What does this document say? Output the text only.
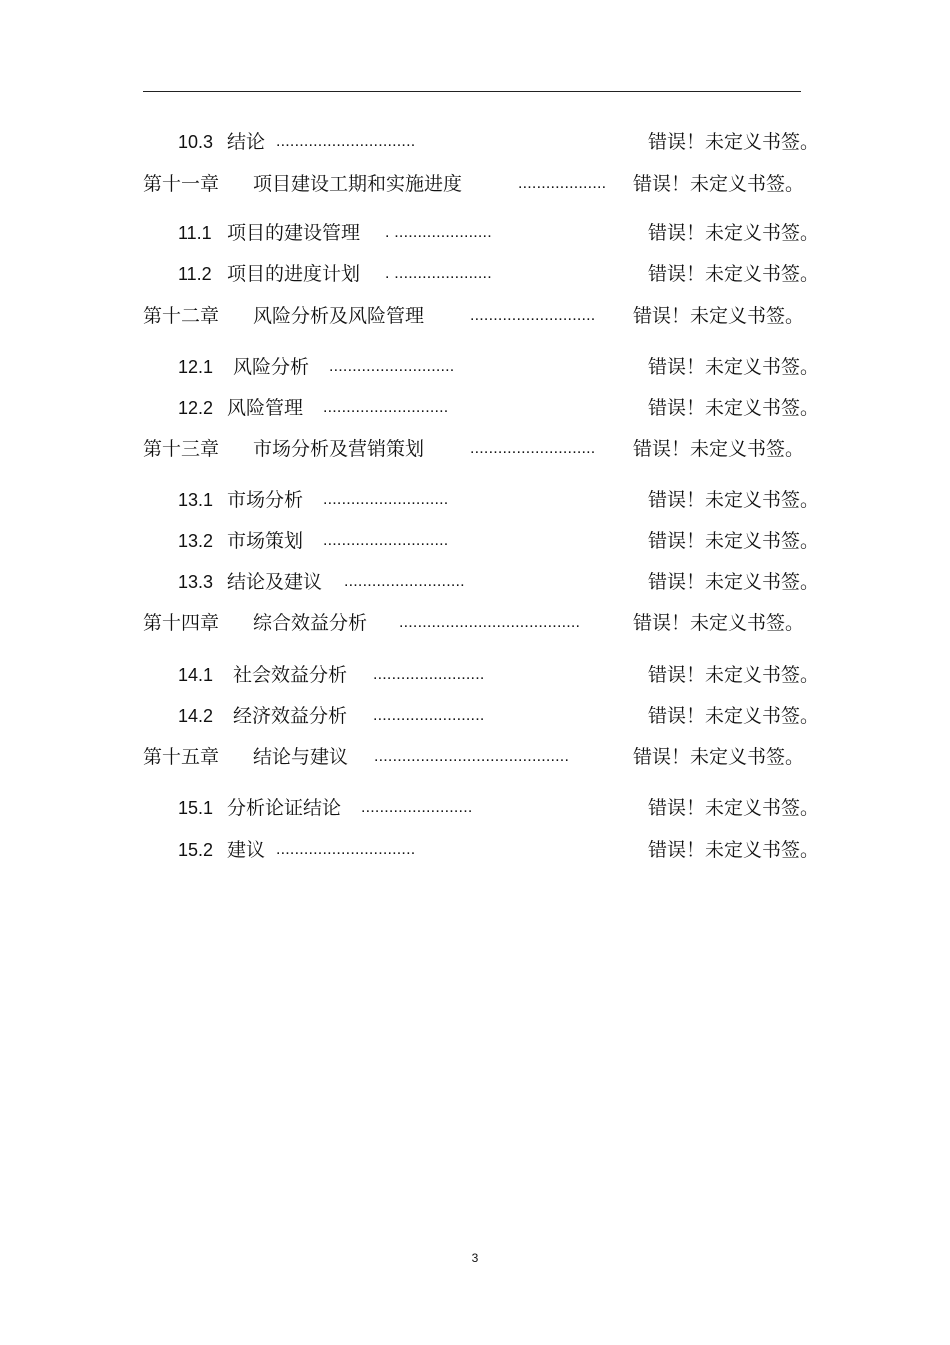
10.3 结论 ..............................	错误！未定义书签。
第十一章 项目建设工期和实施进度	................... 错误！未定义书签。
11.1 项目的建设管理 . .....................	错误！未定义书签。
11.2 项目的进度计划 . .....................	错误！未定义书签。
第十二章 风险分析及风险管理	........................... 错误！未定义书签。
12.1 风险分析 ...........................	错误！未定义书签。
12.2 风险管理 ...........................	错误！未定义书签。
第十三章 市场分析及营销策划	........................... 错误！未定义书签。
13.1 市场分析 ...........................	错误！未定义书签。
13.2 市场策划 ...........................	错误！未定义书签。
13.3 结论及建议 ..........................	错误！未定义书签。
第十四章 综合效益分析 .......................................	错误！未定义书签。
14.1 社会效益分析 ........................	错误！未定义书签。
14.2 经济效益分析 ........................	错误！未定义书签。
第十五章 结论与建议 ..........................................	错误！未定义书签。
15.1 分析论证结论 ........................	错误！未定义书签。
15.2 建议 ..............................	错误！未定义书签。
3
